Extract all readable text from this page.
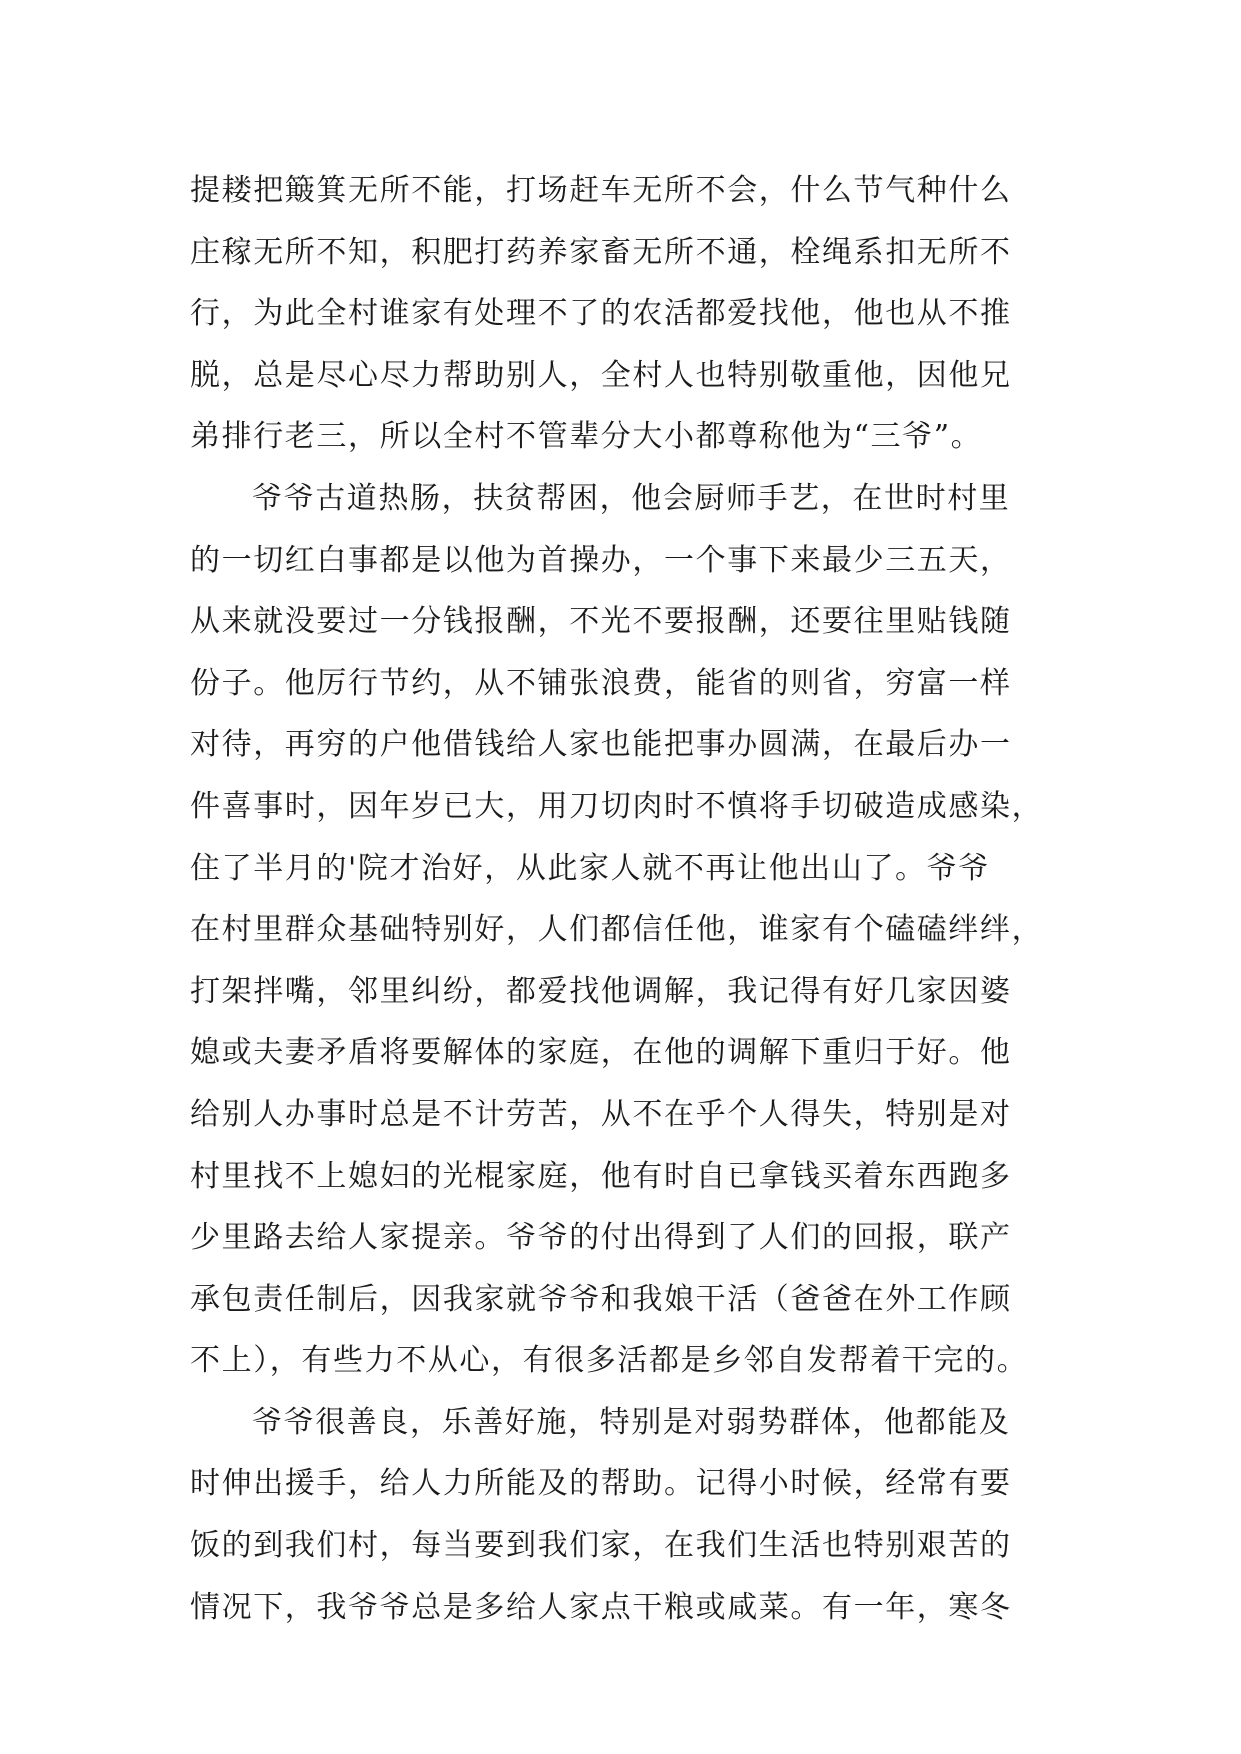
提耧把簸箕无所不能，打场赶车无所不会，什么节气种什么
庄稼无所不知，积肥打药养家畜无所不通，栓绳系扣无所不
行，为此全村谁家有处理不了的农活都爱找他，他也从不推
脱，总是尽心尽力帮助别人，全村人也特别敬重他，因他兄
弟排行老三，所以全村不管辈分大小都尊称他为“三爷”。
爷爷古道热肠，扶贫帮困，他会厨师手艺，在世时村里
的一切红白事都是以他为首操办，一个事下来最少三五天，
从来就没要过一分钱报酬，不光不要报酬，还要往里贴钱随
份子。他厉行节约，从不铺张浪费，能省的则省，穷富一样
对待，再穷的户他借钱给人家也能把事办圆满，在最后办一
件喜事时，因年岁已大，用刀切肉时不慎将手切破造成感染，
住了半月的'院才治好，从此家人就不再让他出山了。爷爷
在村里群众基础特别好，人们都信任他，谁家有个磕磕绊绊，
打架拌嘴，邻里纠纷，都爱找他调解，我记得有好几家因婆
媳或夫妻矛盾将要解体的家庭，在他的调解下重归于好。他
给别人办事时总是不计劳苦，从不在乎个人得失，特别是对
村里找不上媳妇的光棍家庭，他有时自已拿钱买着东西跑多
少里路去给人家提亲。爷爷的付出得到了人们的回报，联产
承包责任制后，因我家就爷爷和我娘干活（爸爸在外工作顾
不上），有些力不从心，有很多活都是乡邻自发帮着干完的。
爷爷很善良，乐善好施，特别是对弱势群体，他都能及
时伸出援手，给人力所能及的帮助。记得小时候，经常有要
饭的到我们村，每当要到我们家，在我们生活也特别艰苦的
情况下，我爷爷总是多给人家点干粮或咸菜。有一年，寒冬
